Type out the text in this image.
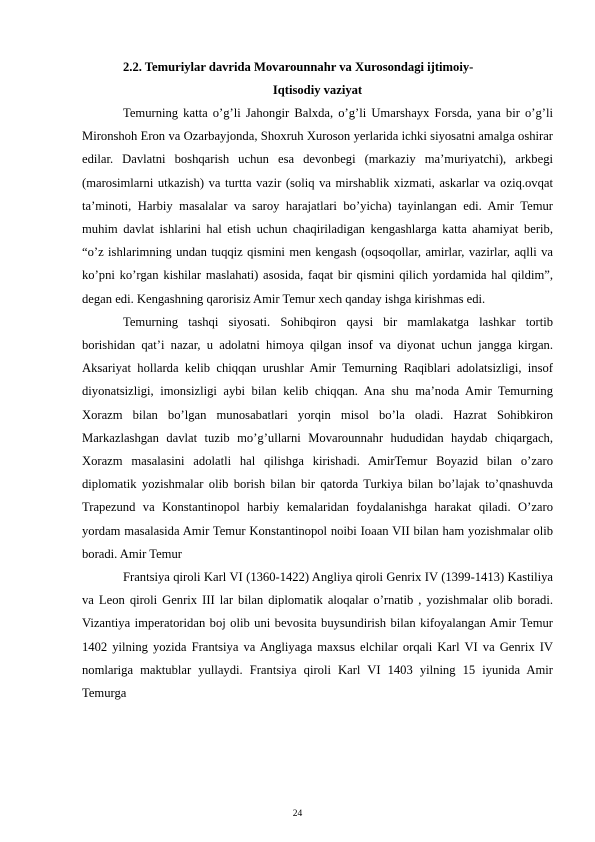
2.2. Temuriylar davrida Movarounnahr va Xurosondagi ijtimoiy-
Iqtisodiy vaziyat

Temurning katta o’g’li Jahongir Balxda, o’g’li Umarshayx Forsda, yana bir o’g’li Mironshoh Eron va Ozarbayjonda, Shoxruh Xuroson yerlarida ichki siyosatni amalga oshirar edilar. Davlatni boshqarish uchun esa devonbegi (markaziy ma’muriyatchi), arkbegi (marosimlarni utkazish) va turtta vazir (soliq va mirshablik xizmati, askarlar va oziq.ovqat ta’minoti, Harbiy masalalar va saroy harajatlari bo’yicha) tayinlangan edi. Amir Temur muhim davlat ishlarini hal etish uchun chaqiriladigan kengashlarga katta ahamiyat berib, “o’z ishlarimning undan tuqqiz qismini men kengash (oqsoqollar, amirlar, vazirlar, aqlli va ko’pni ko’rgan kishilar maslahati) asosida, faqat bir qismini qilich yordamida hal qildim”, degan edi. Kengashning qarorisiz Amir Temur xech qanday ishga kirishmas edi.

Temurning tashqi siyosati. Sohibqiron qaysi bir mamlakatga lashkar tortib borishidan qat’i nazar, u adolatni himoya qilgan insof va diyonat uchun jangga kirgan. Aksariyat hollarda kelib chiqqan urushlar Amir Temurning Raqiblari adolatsizligi, insof diyonatsizligi, imonsizligi aybi bilan kelib chiqqan. Ana shu ma’noda Amir Temurning Xorazm bilan bo’lgan munosabatlari yorqin misol bo’la oladi. Hazrat Sohibkiron Markazlashgan davlat tuzib mo’g’ullarni Movarounnahr hududidan haydab chiqargach, Xorazm masalasini adolatli hal qilishga kirishadi. AmirTemur Boyazid bilan o’zaro diplomatik yozishmalar olib borish bilan bir qatorda Turkiya bilan bo’lajak to’qnashuvda Trapezund va Konstantinopol harbiy kemalaridan foydalanishga harakat qiladi. O’zaro yordam masalasida Amir Temur Konstantinopol noibi Ioaan VII bilan ham yozishmalar olib boradi. Amir Temur

Frantsiya qiroli Karl VI (1360-1422) Angliya qiroli Genrix IV (1399-1413) Kastiliya va Leon qiroli Genrix III lar bilan diplomatik aloqalar o’rnatib , yozishmalar olib boradi. Vizantiya imperatoridan boj olib uni bevosita buysundirish bilan kifoyalangan Amir Temur 1402 yilning yozida Frantsiya va Angliyaga maxsus elchilar orqali Karl VI va Genrix IV nomlariga maktublar yullaydi. Frantsiya qiroli Karl VI 1403 yilning 15 iyunida Amir Temurga

24
